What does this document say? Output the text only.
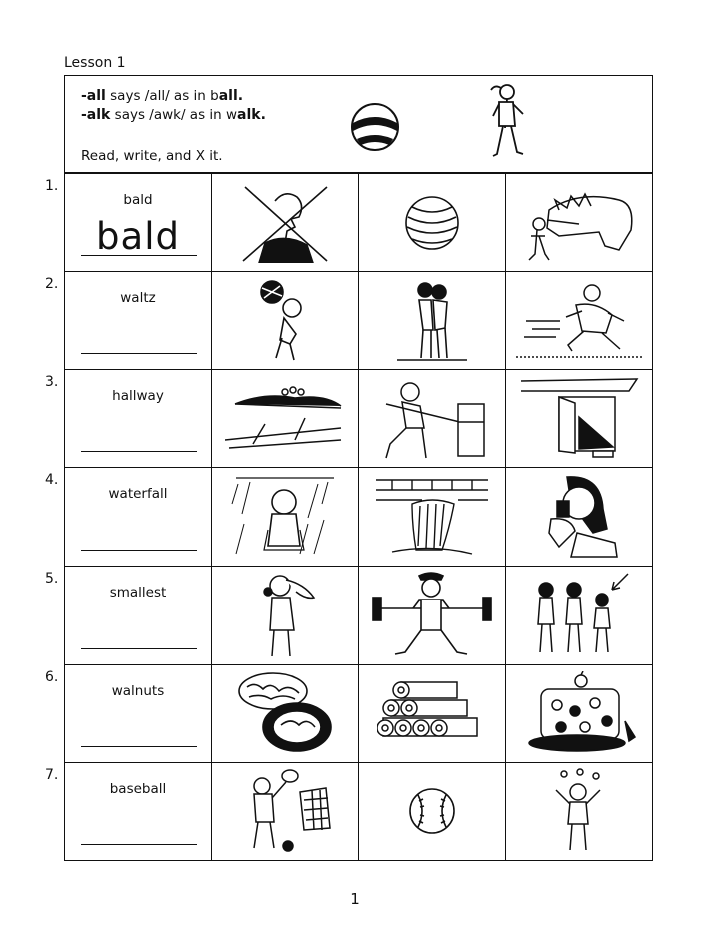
Lesson 1
-all says /all/ as in ball.
-alk says /awk/ as in walk.
Read, write, and X it.
1.
bald
bald
2.
waltz
3.
hallway
4.
waterfall
5.
smallest
6.
walnuts
7.
baseball
1
